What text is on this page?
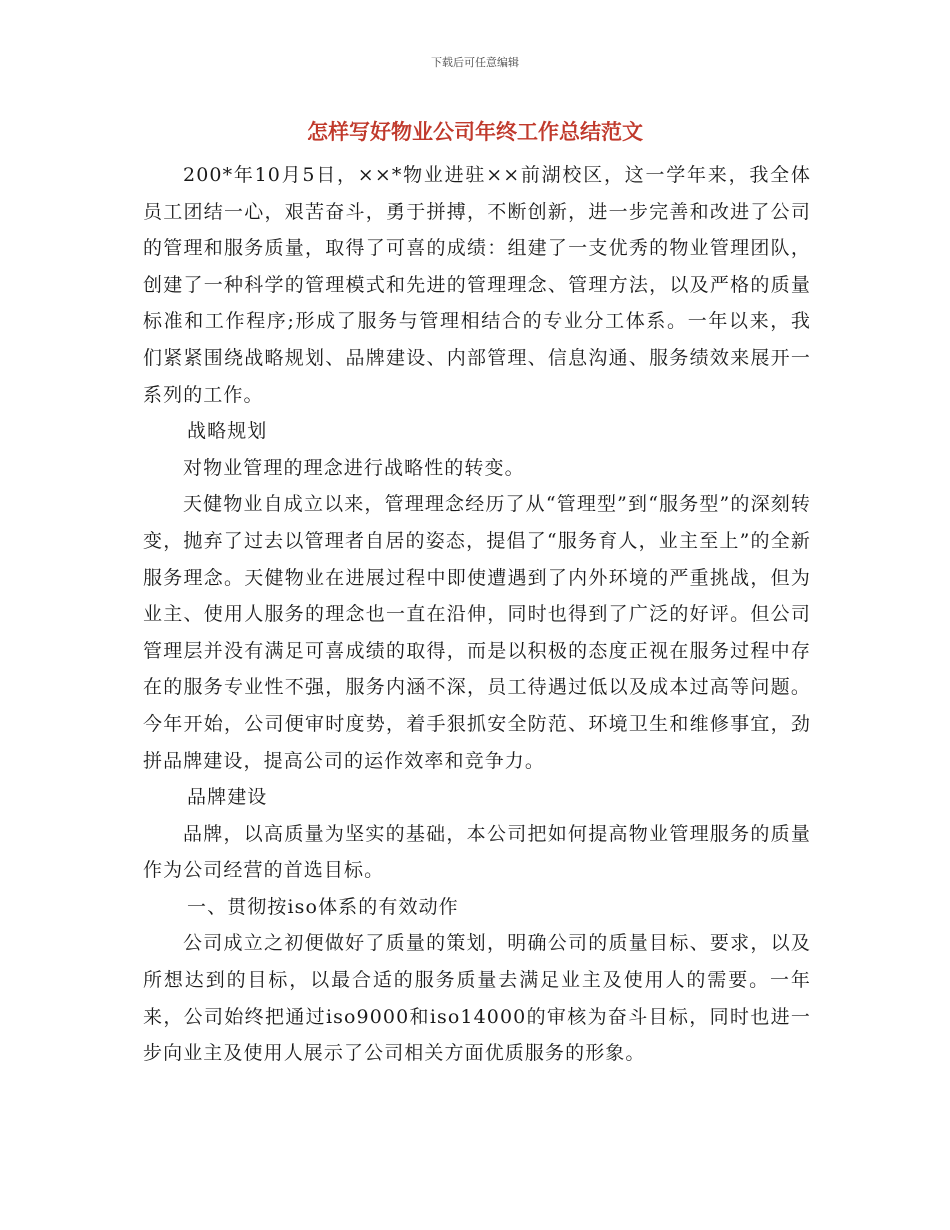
下载后可任意编辑
怎样写好物业公司年终工作总结范文

200*年10月5日，××*物业进驻××前湖校区，这一学年来，我全体员工团结一心，艰苦奋斗，勇于拼搏，不断创新，进一步完善和改进了公司的管理和服务质量，取得了可喜的成绩：组建了一支优秀的物业管理团队，创建了一种科学的管理模式和先进的管理理念、管理方法，以及严格的质量标准和工作程序;形成了服务与管理相结合的专业分工体系。一年以来，我们紧紧围绕战略规划、品牌建设、内部管理、信息沟通、服务绩效来展开一系列的工作。

战略规划

对物业管理的理念进行战略性的转变。

天健物业自成立以来，管理理念经历了从“管理型”到“服务型”的深刻转变，抛弃了过去以管理者自居的姿态，提倡了“服务育人，业主至上”的全新服务理念。天健物业在进展过程中即使遭遇到了内外环境的严重挑战，但为业主、使用人服务的理念也一直在沿伸，同时也得到了广泛的好评。但公司管理层并没有满足可喜成绩的取得，而是以积极的态度正视在服务过程中存在的服务专业性不强，服务内涵不深，员工待遇过低以及成本过高等问题。今年开始，公司便审时度势，着手狠抓安全防范、环境卫生和维修事宜，劲拼品牌建设，提高公司的运作效率和竞争力。

品牌建设

品牌，以高质量为坚实的基础，本公司把如何提高物业管理服务的质量作为公司经营的首选目标。

一、贯彻按iso体系的有效动作

公司成立之初便做好了质量的策划，明确公司的质量目标、要求，以及所想达到的目标，以最合适的服务质量去满足业主及使用人的需要。一年来，公司始终把通过iso9000和iso14000的审核为奋斗目标，同时也进一步向业主及使用人展示了公司相关方面优质服务的形象。
